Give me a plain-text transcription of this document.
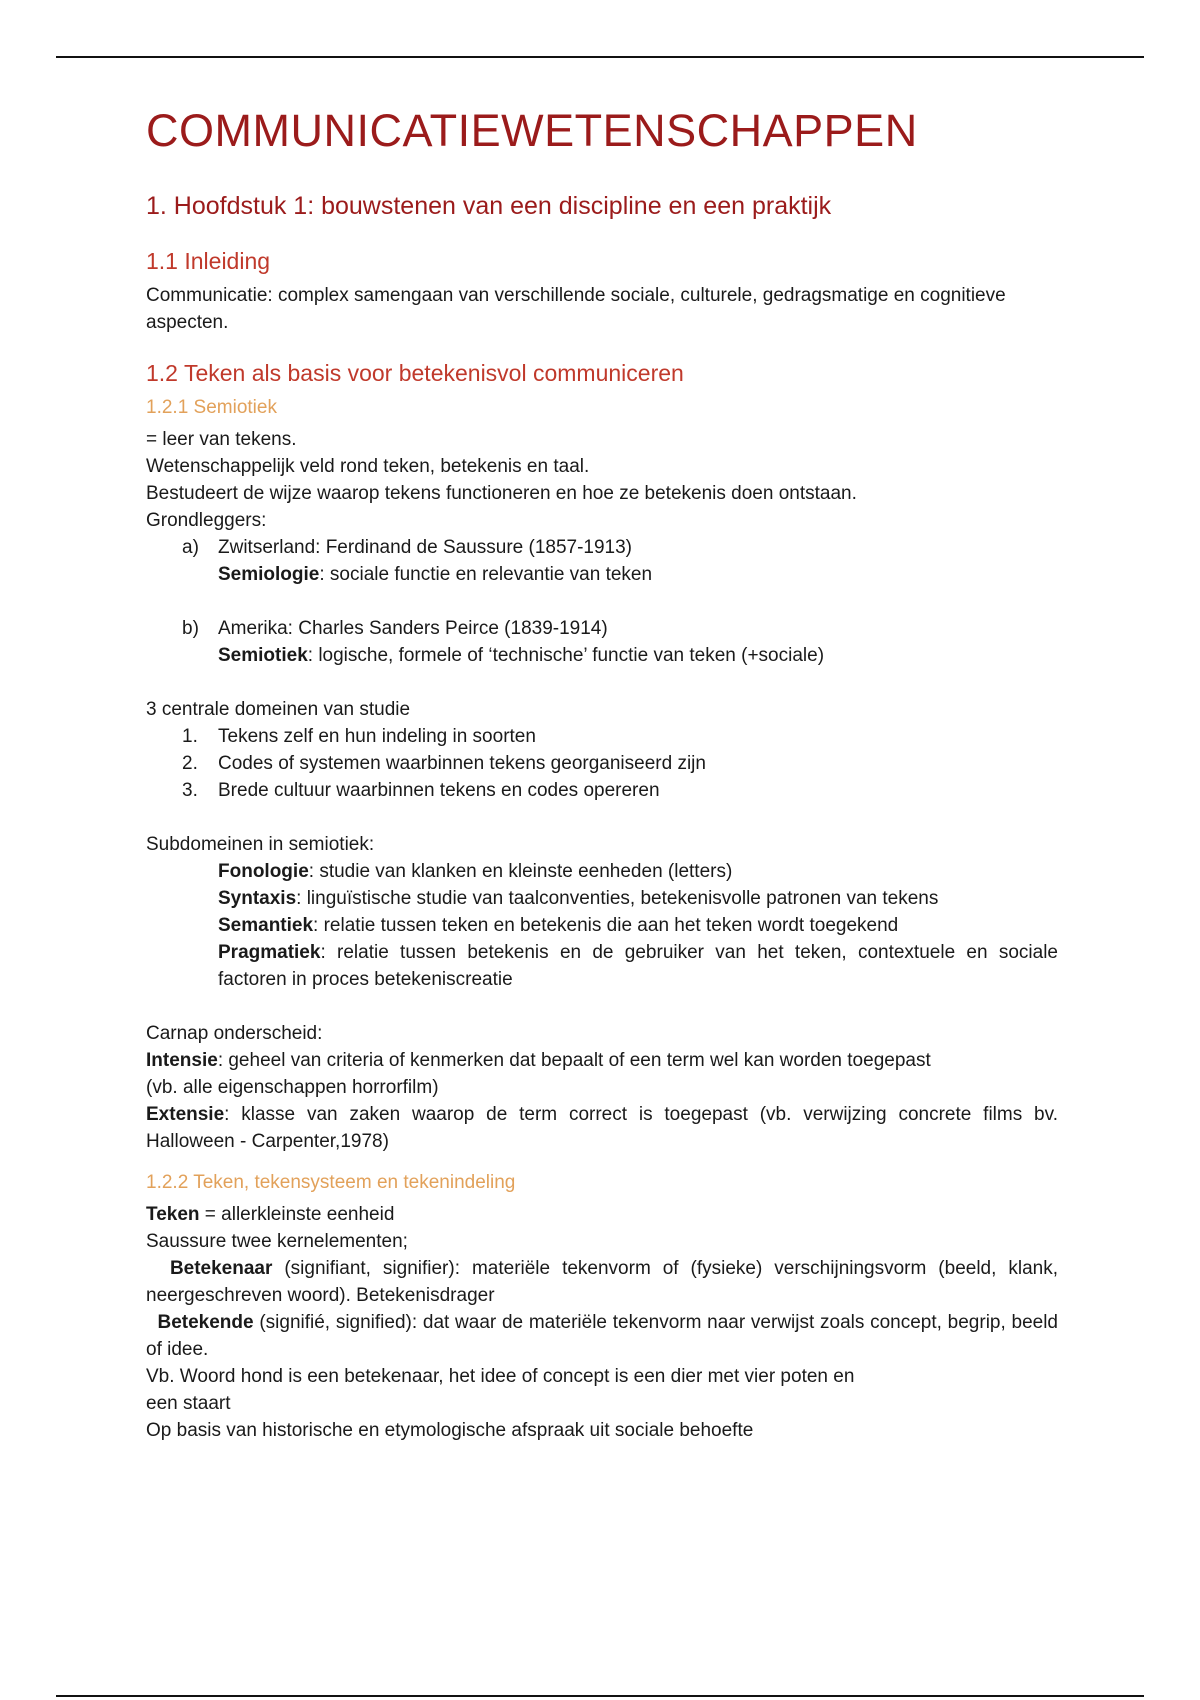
COMMUNICATIEWETENSCHAPPEN
1. Hoofdstuk 1: bouwstenen van een discipline en een praktijk
1.1 Inleiding

Communicatie: complex samengaan van verschillende sociale, culturele, gedragsmatige en cognitieve aspecten.

1.2 Teken als basis voor betekenisvol communiceren
1.2.1 Semiotiek

= leer van tekens.

Wetenschappelijk veld rond teken, betekenis en taal.

Bestudeert de wijze waarop tekens functioneren en hoe ze betekenis doen ontstaan.

Grondleggers:

a) Zwitserland: Ferdinand de Saussure (1857-1913)

Semiologie: sociale functie en relevantie van teken

b) Amerika: Charles Sanders Peirce (1839-1914)

Semiotiek: logische, formele of ‘technische’ functie van teken (+sociale)

3 centrale domeinen van studie

1. Tekens zelf en hun indeling in soorten
2. Codes of systemen waarbinnen tekens georganiseerd zijn
3. Brede cultuur waarbinnen tekens en codes opereren

Subdomeinen in semiotiek:

Fonologie: studie van klanken en kleinste eenheden (letters)

Syntaxis: linguïstische studie van taalconventies, betekenisvolle patronen van tekens

Semantiek: relatie tussen teken en betekenis die aan het teken wordt toegekend

Pragmatiek: relatie tussen betekenis en de gebruiker van het teken, contextuele en sociale factoren in proces betekeniscreatie

Carnap onderscheid:

Intensie: geheel van criteria of kenmerken dat bepaalt of een term wel kan worden toegepast

(vb. alle eigenschappen horrorfilm)

Extensie: klasse van zaken waarop de term correct is toegepast (vb. verwijzing concrete films bv. Halloween - Carpenter,1978)

1.2.2 Teken, tekensysteem en tekenindeling

Teken = allerkleinste eenheid

Saussure twee kernelementen;

Betekenaar (signifiant, signifier): materiële tekenvorm of (fysieke) verschijningsvorm (beeld, klank, neergeschreven woord). Betekenisdrager

Betekende (signifié, signified): dat waar de materiële tekenvorm naar verwijst zoals concept, begrip, beeld of idee.

Vb. Woord hond is een betekenaar, het idee of concept is een dier met vier poten en

een staart

Op basis van historische en etymologische afspraak uit sociale behoefte
